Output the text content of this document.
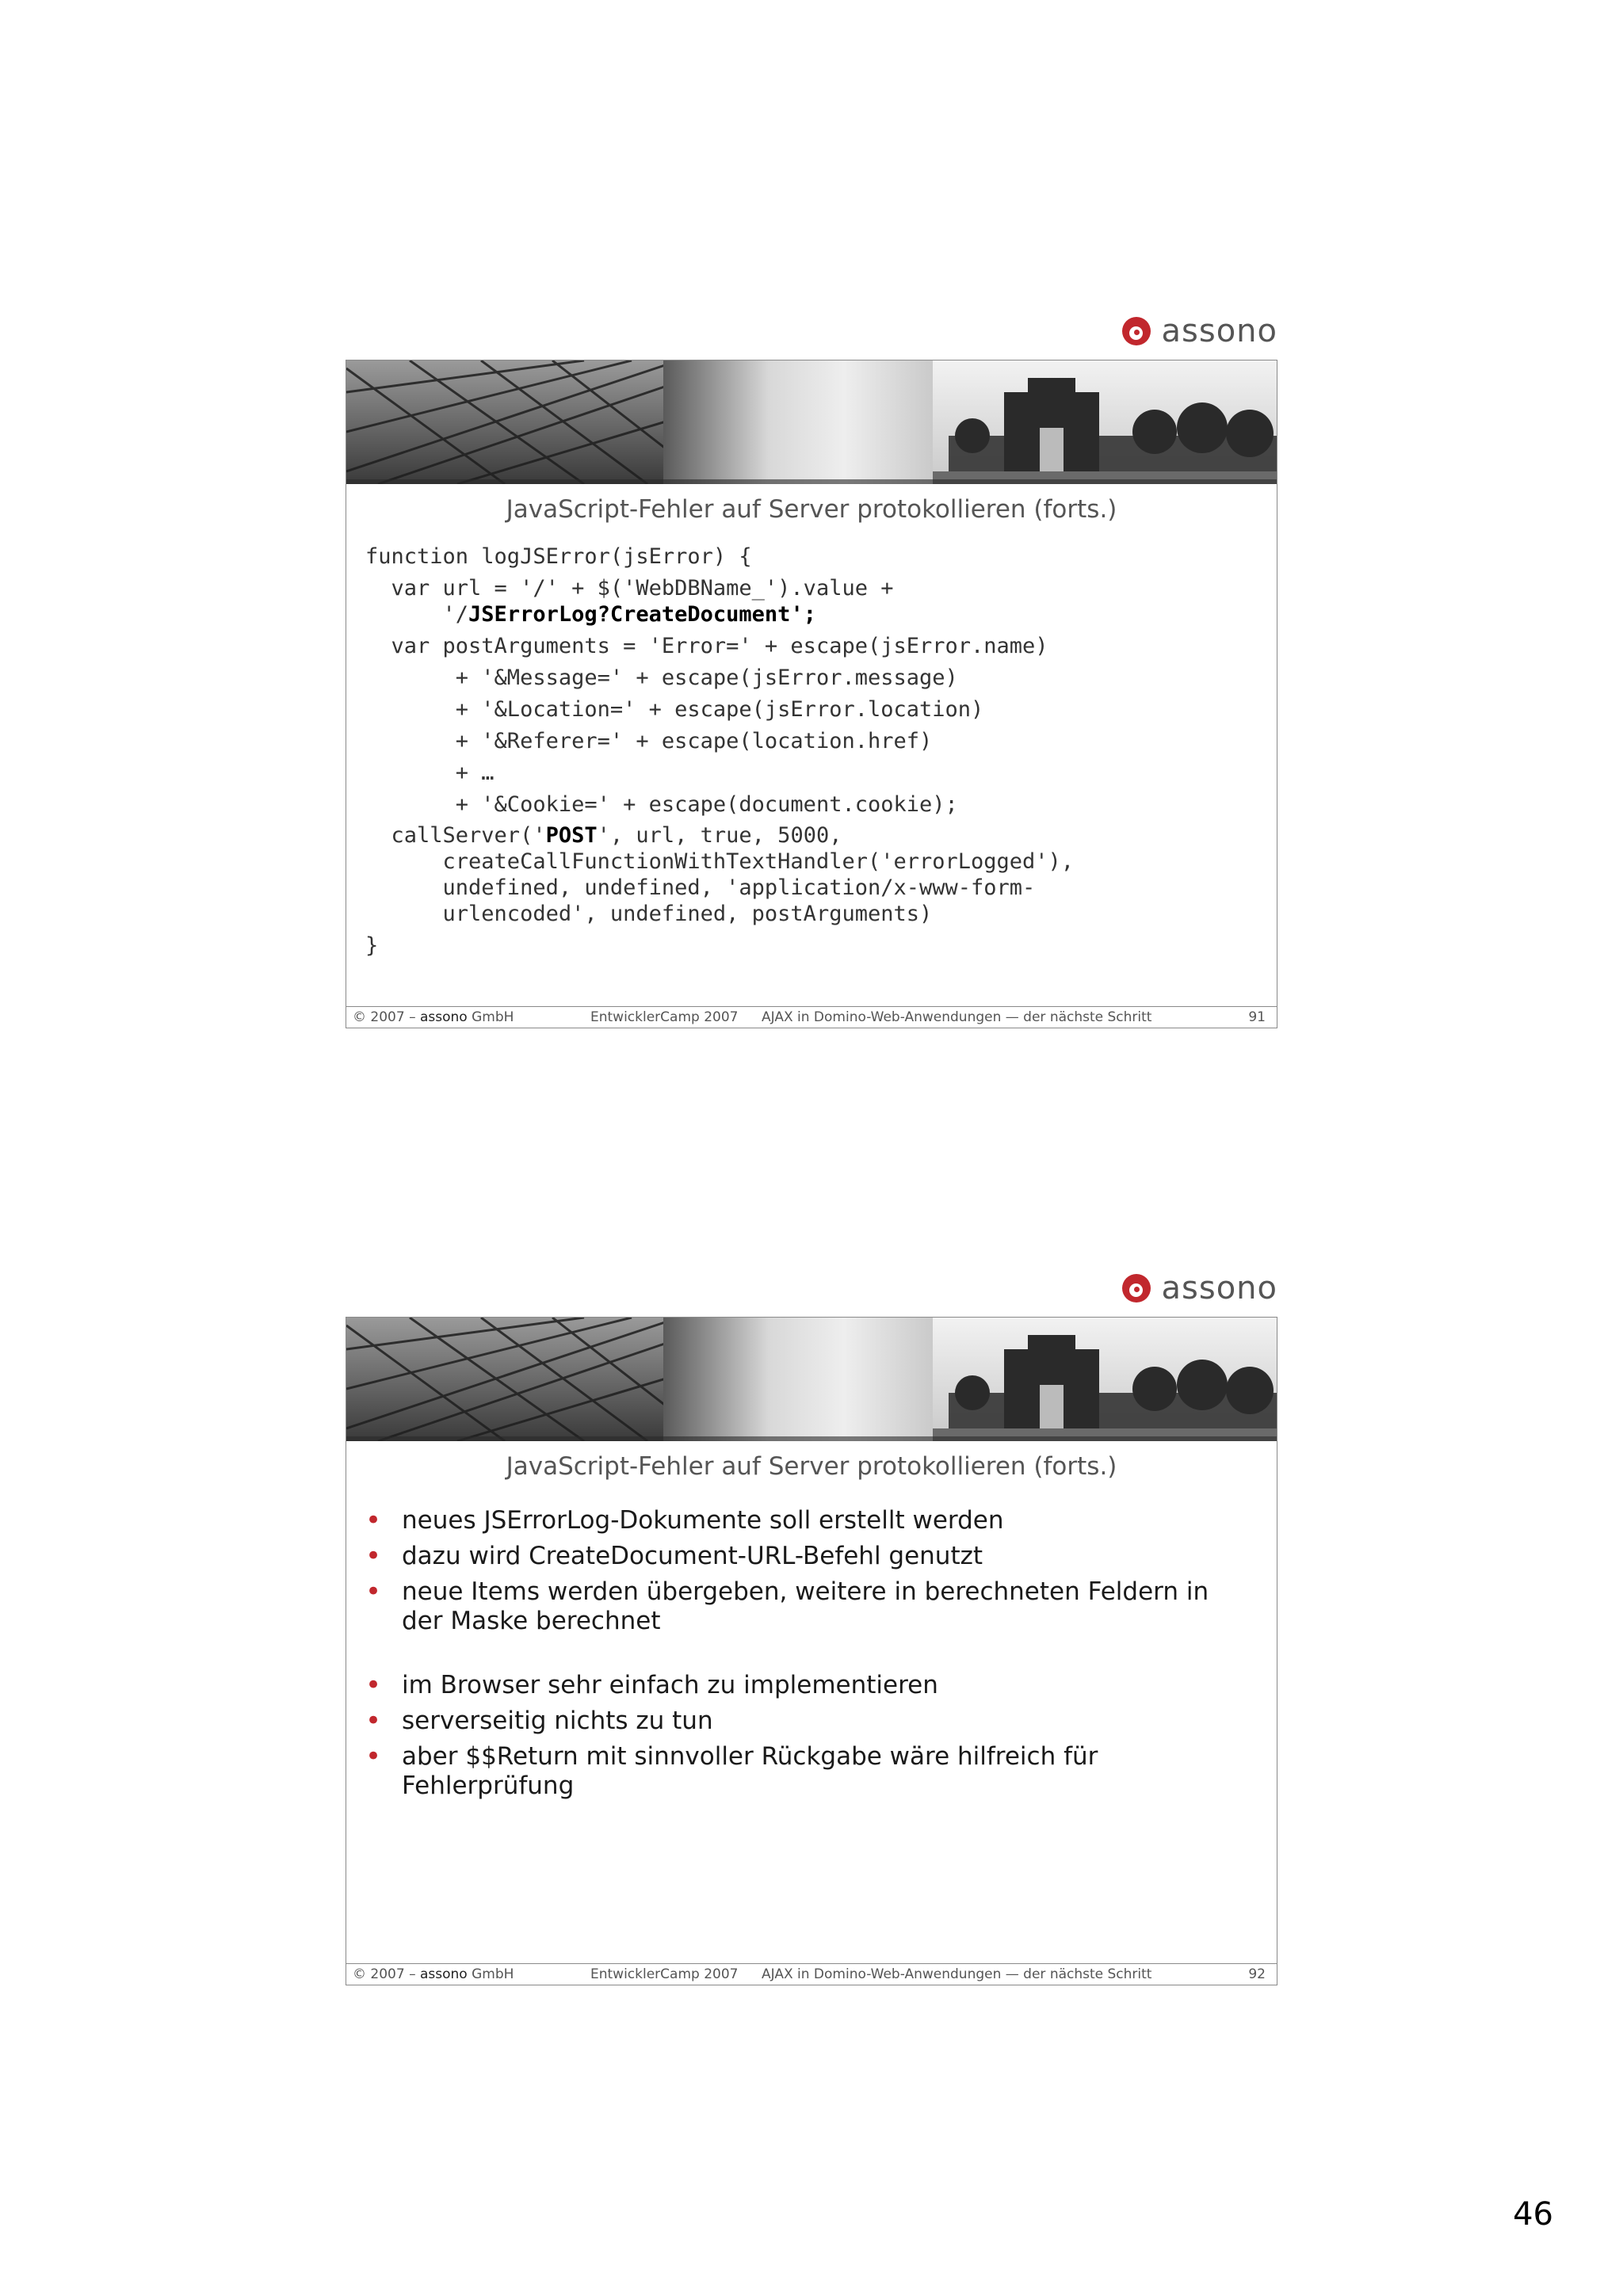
assono
JavaScript-Fehler auf Server protokollieren (forts.)
function logJSError(jsError) {
var url = '/' + $('WebDBName_').value +
'/JSErrorLog?CreateDocument';
var postArguments = 'Error=' + escape(jsError.name)
+ '&Message=' + escape(jsError.message)
+ '&Location=' + escape(jsError.location)
+ '&Referer=' + escape(location.href)
+ …
+ '&Cookie=' + escape(document.cookie);
callServer('POST', url, true, 5000,
createCallFunctionWithTextHandler('errorLogged'),
undefined, undefined, 'application/x-www-form-
urlencoded', undefined, postArguments)
}
© 2007 – assono GmbH	EntwicklerCamp 2007 AJAX in Domino-Web-Anwendungen — der nächste Schritt	91
assono
JavaScript-Fehler auf Server protokollieren (forts.)
• neues JSErrorLog-Dokumente soll erstellt werden
• dazu wird CreateDocument-URL-Befehl genutzt
• neue Items werden übergeben, weitere in berechneten Feldern in der Maske berechnet
• im Browser sehr einfach zu implementieren
• serverseitig nichts zu tun
• aber $$Return mit sinnvoller Rückgabe wäre hilfreich für Fehlerprüfung
© 2007 – assono GmbH	EntwicklerCamp 2007 AJAX in Domino-Web-Anwendungen — der nächste Schritt	92
46
